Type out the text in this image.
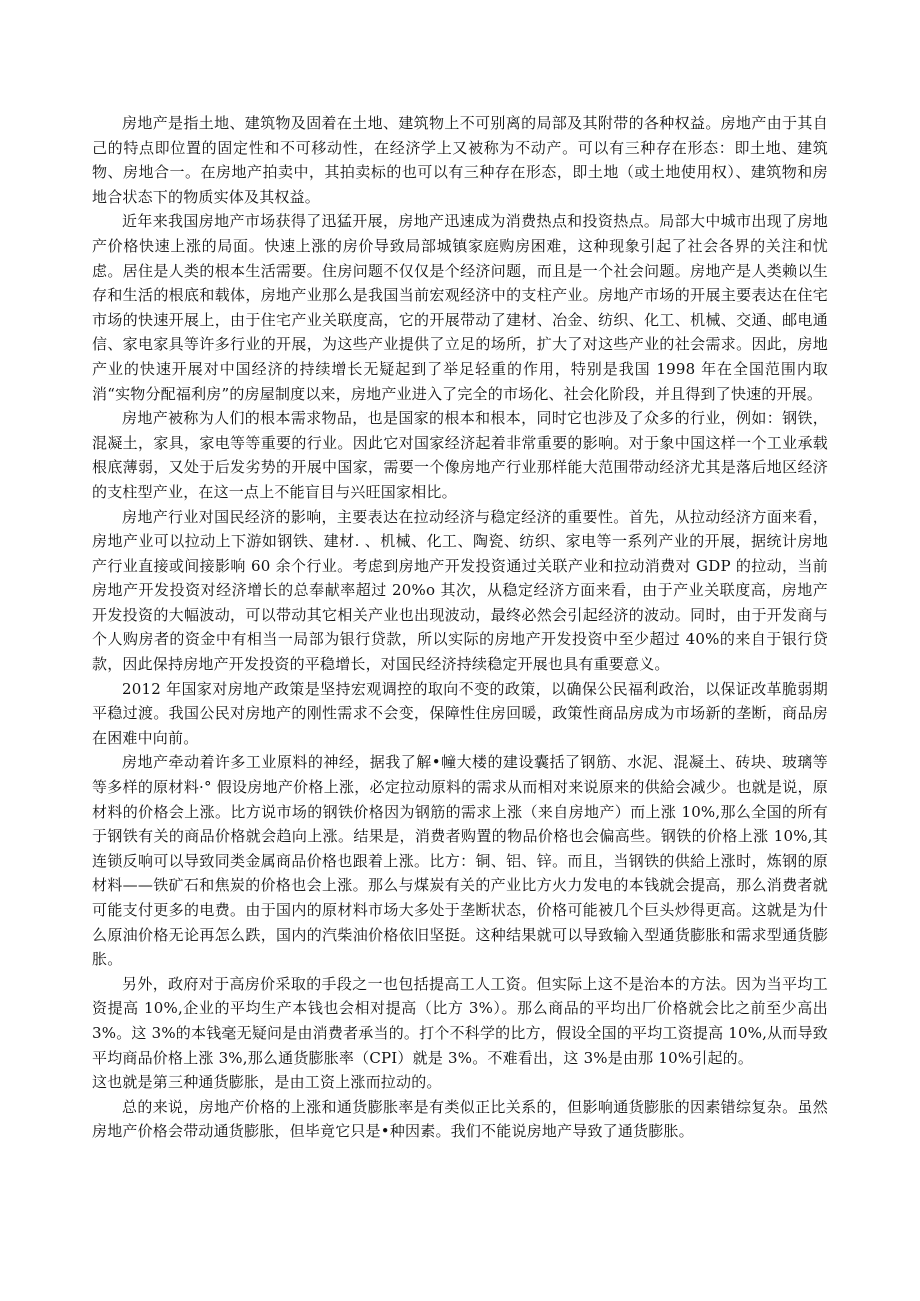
房地产是指土地、建筑物及固着在土地、建筑物上不可别离的局部及其附带的各种权益。房地产由于其自己的特点即位置的固定性和不可移动性，在经济学上又被称为不动产。可以有三种存在形态：即土地、建筑物、房地合一。在房地产拍卖中，其拍卖标的也可以有三种存在形态，即土地（或土地使用权）、建筑物和房地合状态下的物质实体及其权益。

近年来我国房地产市场获得了迅猛开展，房地产迅速成为消费热点和投资热点。局部大中城市出现了房地产价格快速上涨的局面。快速上涨的房价导致局部城镇家庭购房困难，这种现象引起了社会各界的关注和忧虑。居住是人类的根本生活需要。住房问题不仅仅是个经济问题，而且是一个社会问题。房地产是人类赖以生存和生活的根底和载体，房地产业那么是我国当前宏观经济中的支柱产业。房地产市场的开展主要表达在住宅市场的快速开展上，由于住宅产业关联度高，它的开展带动了建材、冶金、纺织、化工、机械、交通、邮电通信、家电家具等许多行业的开展，为这些产业提供了立足的场所，扩大了对这些产业的社会需求。因此，房地产业的快速开展对中国经济的持续增长无疑起到了举足轻重的作用，特别是我国 1998 年在全国范围内取消“实物分配福利房”的房屋制度以来，房地产业进入了完全的市场化、社会化阶段，并且得到了快速的开展。

房地产被称为人们的根本需求物品，也是国家的根本和根本，同时它也涉及了众多的行业，例如：钢铁，混凝土，家具，家电等等重要的行业。因此它对国家经济起着非常重要的影响。对于象中国这样一个工业承载根底薄弱，又处于后发劣势的开展中国家，需要一个像房地产行业那样能大范围带动经济尤其是落后地区经济的支柱型产业，在这一点上不能盲目与兴旺国家相比。

房地产行业对国民经济的影响，主要表达在拉动经济与稳定经济的重要性。首先，从拉动经济方面来看，房地产业可以拉动上下游如钢铁、建材. 、机械、化工、陶瓷、纺织、家电等一系列产业的开展，据统计房地产行业直接或间接影响 60 余个行业。考虑到房地产开发投资通过关联产业和拉动消费对 GDP 的拉动，当前房地产开发投资对经济增长的总奉献率超过 20%o 其次，从稳定经济方面来看，由于产业关联度高，房地产开发投资的大幅波动，可以带动其它相关产业也出现波动，最终必然会引起经济的波动。同时，由于开发商与个人购房者的资金中有相当一局部为银行贷款，所以实际的房地产开发投资中至少超过 40%的来自于银行贷款，因此保持房地产开发投资的平稳增长，对国民经济持续稳定开展也具有重要意义。

2012 年国家对房地产政策是坚持宏观调控的取向不变的政策，以确保公民福利政治，以保证改革脆弱期平稳过渡。我国公民对房地产的刚性需求不会变，保障性住房回暖，政策性商品房成为市场新的垄断，商品房在困难中向前。

房地产牵动着许多工业原料的神经，据我了解•幢大楼的建设囊括了钢筋、水泥、混凝土、砖块、玻璃等等多样的原材料·° 假设房地产价格上涨，必定拉动原料的需求从而相对来说原来的供給会减少。也就是说，原材料的价格会上涨。比方说市场的钢铁价格因为钢筋的需求上涨（来自房地产）而上涨 10%,那么全国的所有于钢铁有关的商品价格就会趋向上涨。结果是，消费者购置的物品价格也会偏高些。钢铁的价格上涨 10%,其连锁反响可以导致同类金属商品价格也跟着上涨。比方：铜、铝、锌。而且，当钢铁的供給上涨时，炼钢的原材料——铁矿石和焦炭的价格也会上涨。那么与煤炭有关的产业比方火力发电的本钱就会提高，那么消费者就可能支付更多的电费。由于国内的原材料市场大多处于垄断状态，价格可能被几个巨头炒得更高。这就是为什么原油价格无论再怎么跌，国内的汽柴油价格依旧坚挺。这种结果就可以导致输入型通货膨胀和需求型通货膨胀。

另外，政府对于高房价采取的手段之一也包括提高工人工资。但实际上这不是治本的方法。因为当平均工资提高 10%,企业的平均生产本钱也会相对提高（比方 3%）。那么商品的平均出厂价格就会比之前至少高出 3%。这 3%的本钱毫无疑问是由消费者承当的。打个不科学的比方，假设全国的平均工资提高 10%,从而导致平均商品价格上涨 3%,那么通货膨胀率（CPI）就是 3%。不难看出，这 3%是由那 10%引起的。

这也就是第三种通货膨胀，是由工资上涨而拉动的。

总的来说，房地产价格的上涨和通货膨胀率是有类似正比关系的，但影响通货膨胀的因素错综复杂。虽然房地产价格会带动通货膨胀，但毕竟它只是•种因素。我们不能说房地产导致了通货膨胀。
